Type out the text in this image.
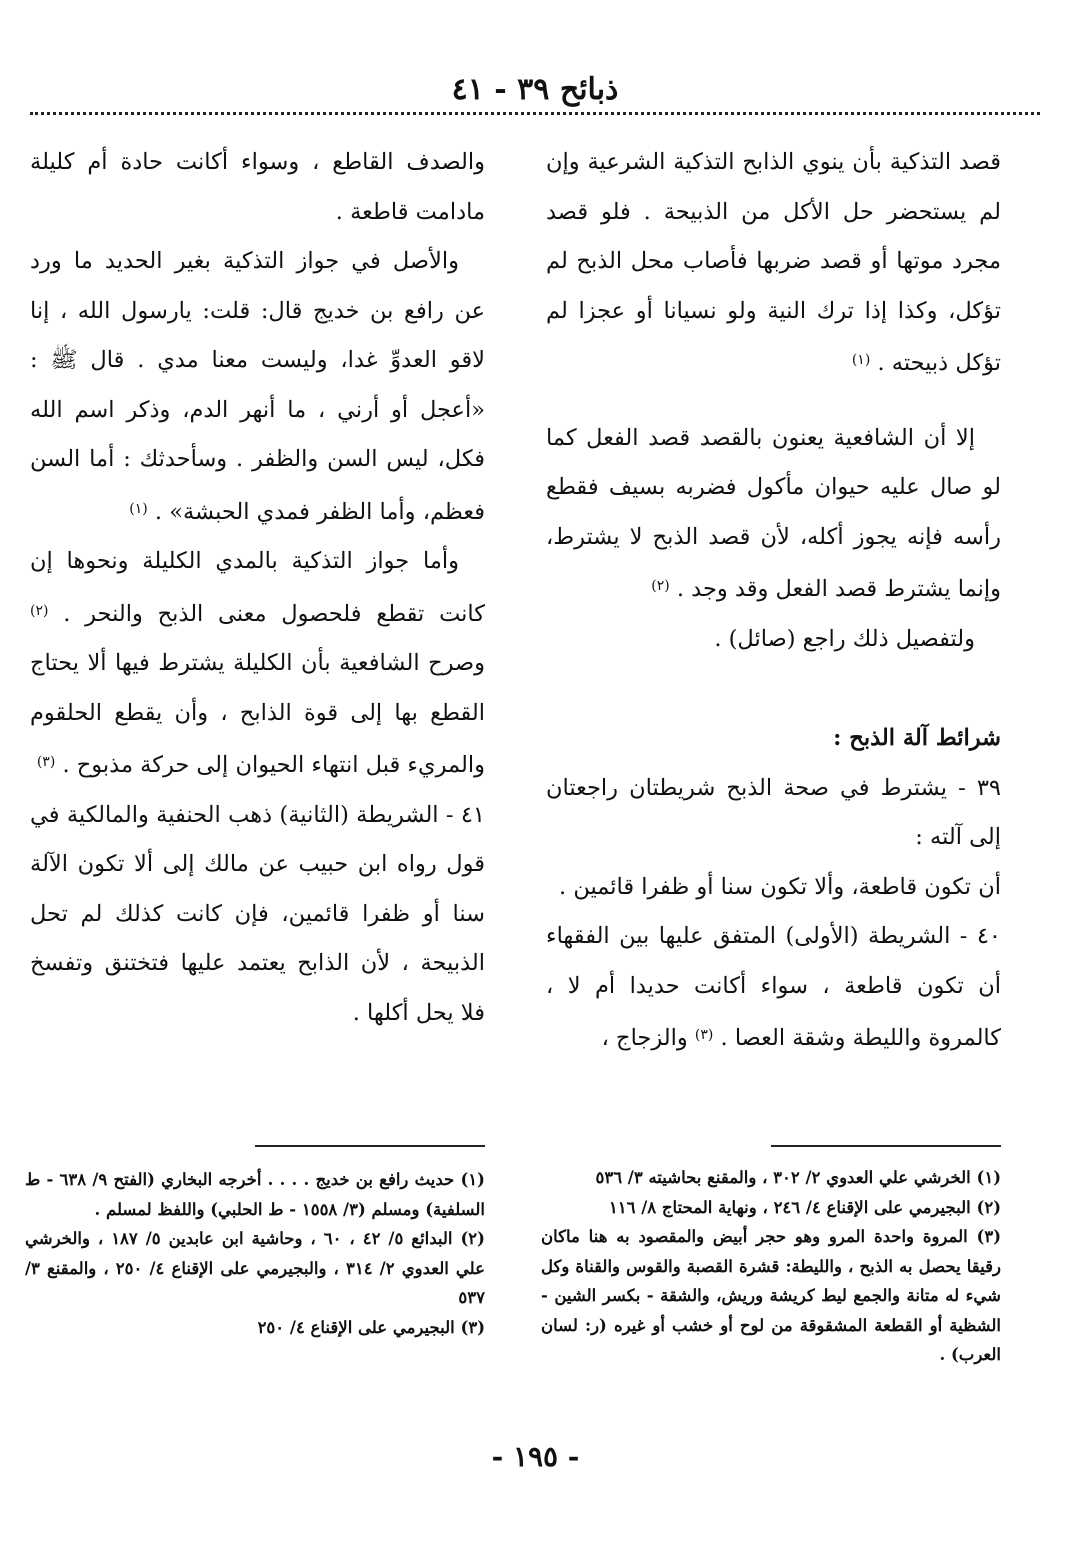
ذبائح ٣٩ - ٤١

قصد التذكية بأن ينوي الذابح التذكية الشرعية وإن لم يستحضر حل الأكل من الذبيحة . فلو قصد مجرد موتها أو قصد ضربها فأصاب محل الذبح لم تؤكل، وكذا إذا ترك النية ولو نسيانا أو عجزا لم تؤكل ذبيحته . $^{(١)}$

إلا أن الشافعية يعنون بالقصد قصد الفعل كما لو صال عليه حيوان مأكول فضربه بسيف فقطع رأسه فإنه يجوز أكله، لأن قصد الذبح لا يشترط، وإنما يشترط قصد الفعل وقد وجد . $^{(٢)}$

ولتفصيل ذلك راجع (صائل) .

شرائط آلة الذبح :

٣٩ - يشترط في صحة الذبح شريطتان راجعتان إلى آلته :

أن تكون قاطعة، وألا تكون سنا أو ظفرا قائمين .

٤٠ - الشريطة (الأولى) المتفق عليها بين الفقهاء أن تكون قاطعة ، سواء أكانت حديدا أم لا ، كالمروة والليطة وشقة العصا . $^{(٣)}$ والزجاج ،

والصدف القاطع ، وسواء أكانت حادة أم كليلة مادامت قاطعة .

والأصل في جواز التذكية بغير الحديد ما ورد عن رافع بن خديج قال: قلت: يارسول الله ، إنا لاقو العدوِّ غدا، وليست معنا مدي . قال ﷺ : «أعجل أو أرني ، ما أنهر الدم، وذكر اسم الله فكل، ليس السن والظفر . وسأحدثك : أما السن فعظم، وأما الظفر فمدي الحبشة» . $^{(١)}$

وأما جواز التذكية بالمدي الكليلة ونحوها إن كانت تقطع فلحصول معنى الذبح والنحر . $^{(٢)}$ وصرح الشافعية بأن الكليلة يشترط فيها ألا يحتاج القطع بها إلى قوة الذابح ، وأن يقطع الحلقوم والمريء قبل انتهاء الحيوان إلى حركة مذبوح . $^{(٣)}$

٤١ - الشريطة (الثانية) ذهب الحنفية والمالكية في قول رواه ابن حبيب عن مالك إلى ألا تكون الآلة سنا أو ظفرا قائمين، فإن كانت كذلك لم تحل الذبيحة ، لأن الذابح يعتمد عليها فتختنق وتفسخ فلا يحل أكلها .

(١) الخرشي علي العدوي ٢/ ٣٠٢ ، والمقنع بحاشيته ٣/ ٥٣٦

(٢) البجيرمي على الإقناع ٤/ ٢٤٦ ، ونهاية المحتاج ٨/ ١١٦

(٣) المروة واحدة المرو وهو حجر أبيض والمقصود به هنا ماكان رقيقا يحصل به الذبح ، والليطة: قشرة القصبة والقوس والقناة وكل شيء له متانة والجمع ليط كريشة وريش، والشقة - بكسر الشين - الشظية أو القطعة المشقوقة من لوح أو خشب أو غيره (ر: لسان العرب) .

(١) حديث رافع بن خديج . . . . أخرجه البخاري (الفتح ٩/ ٦٣٨ - ط السلفية) ومسلم (٣/ ١٥٥٨ - ط الحلبي) واللفظ لمسلم .

(٢) البدائع ٥/ ٤٢ ، ٦٠ ، وحاشية ابن عابدين ٥/ ١٨٧ ، والخرشي علي العدوي ٢/ ٣١٤ ، والبجيرمي على الإقناع ٤/ ٢٥٠ ، والمقنع ٣/ ٥٣٧

(٣) البجيرمي على الإقناع ٤/ ٢٥٠

- ١٩٥ -
